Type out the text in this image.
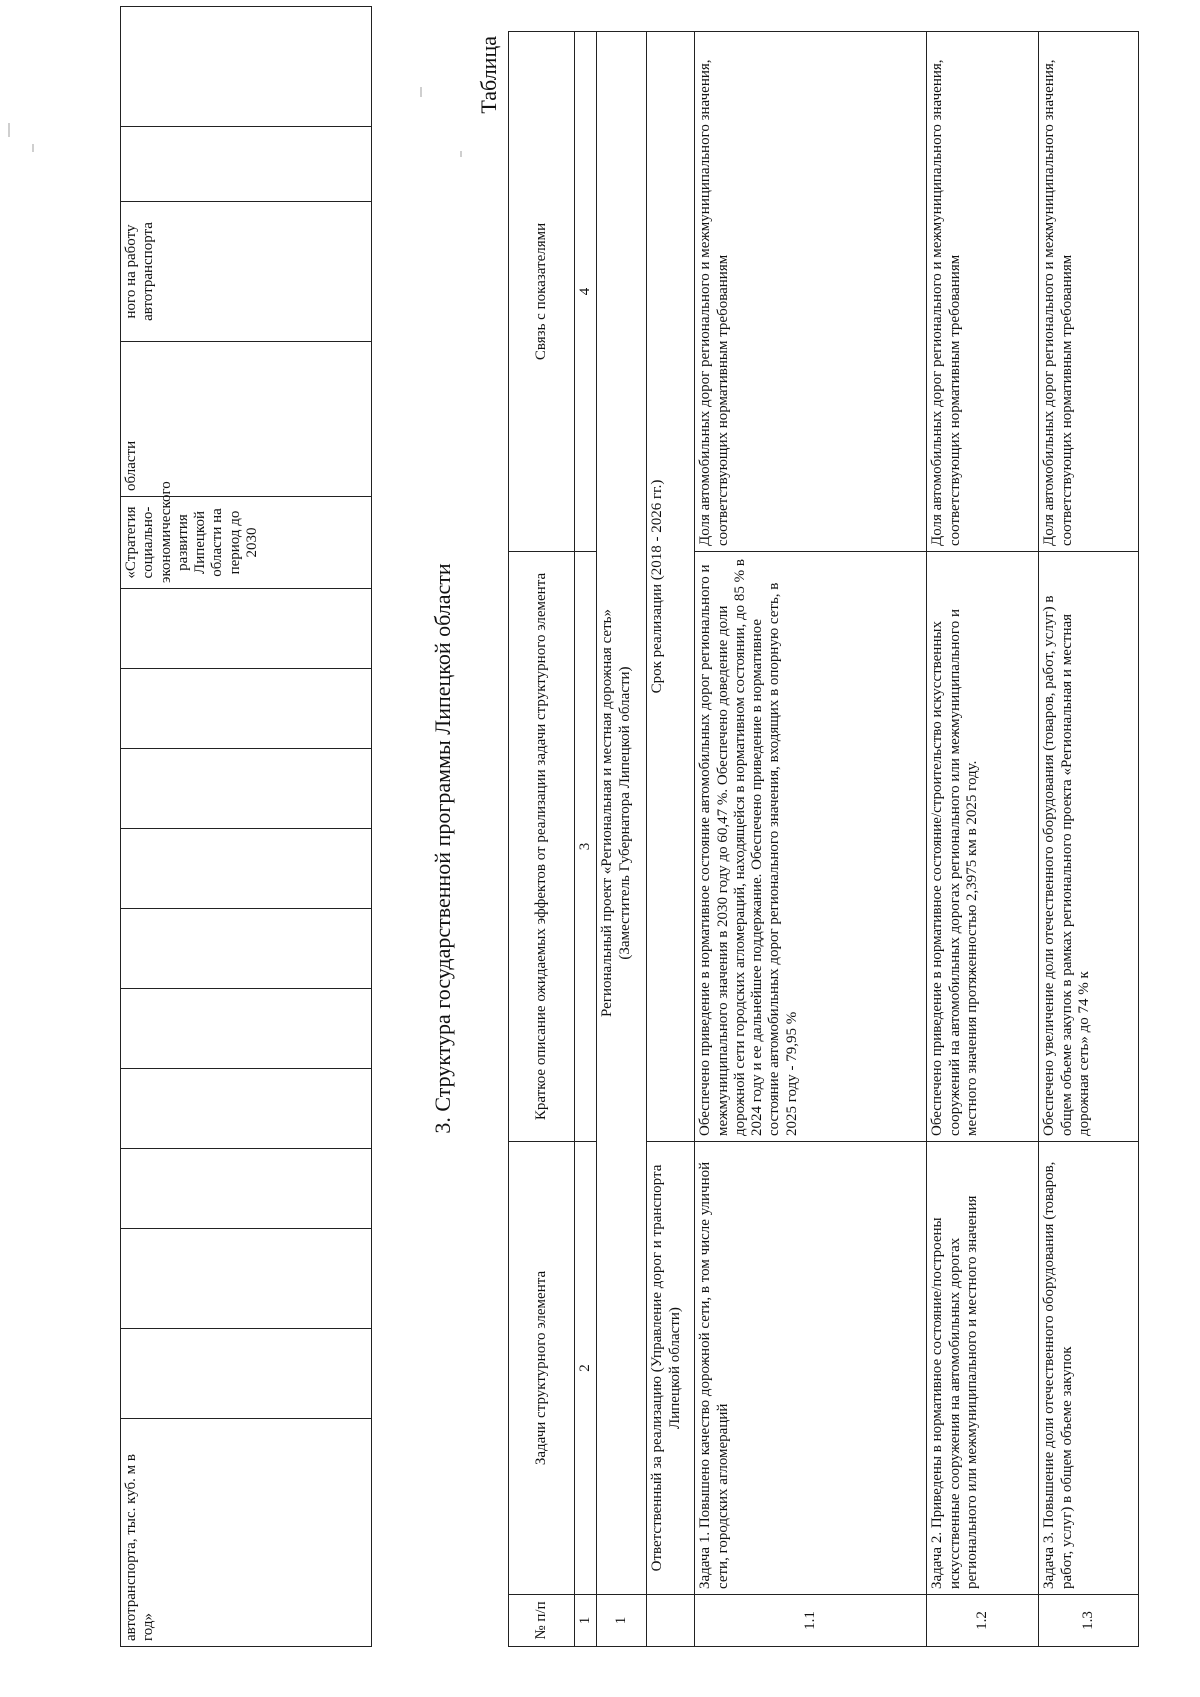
автотранспорта, тыс. куб. м в год»											«Стратегия социально-экономического развития Липецкой области на период до 2030	области	ного на работу автотранспорта		
3. Структура государственной программы Липецкой области
Таблица
№ п/п	Задачи структурного элемента	Краткое описание ожидаемых эффектов от реализации задачи структурного элемента	Связь с показателями
1	2	3	4
1	Региональный проект «Региональная и местная дорожная сеть» (Заместитель Губернатора Липецкой области)		

	Ответственный за реализацию (Управление дорог и транспорта Липецкой области)	Срок реализации (2018 - 2026 гг.)	
1.1	Задача 1. Повышено качество дорожной сети, в том числе уличной сети, городских агломераций	Обеспечено приведение в нормативное состояние автомобильных дорог регионального и межмуниципального значения в 2030 году до 60,47 %. Обеспечено доведение доли дорожной сети городских агломераций, находящейся в нормативном состоянии, до 85 % в 2024 году и ее дальнейшее поддержание. Обеспечено приведение в нормативное состояние автомобильных дорог регионального значения, входящих в опорную сеть, в 2025 году - 79,95 %	Доля автомобильных дорог регионального и межмуниципального значения, соответствующих нормативным требованиям
1.2	Задача 2. Приведены в нормативное состояние/построены искусственные сооружения на автомобильных дорогах регионального или межмуниципального и местного значения	Обеспечено приведение в нормативное состояние/строительство искусственных сооружений на автомобильных дорогах регионального или межмуниципального и местного значения протяженностью 2,3975 км в 2025 году.	Доля автомобильных дорог регионального и межмуниципального значения, соответствующих нормативным требованиям
1.3	Задача 3. Повышение доли отечественного оборудования (товаров, работ, услуг) в общем объеме закупок	Обеспечено увеличение доли отечественного оборудования (товаров, работ, услуг) в общем объеме закупок в рамках регионального проекта «Региональная и местная дорожная сеть» до 74 % к	Доля автомобильных дорог регионального и межмуниципального значения, соответствующих нормативным требованиям
